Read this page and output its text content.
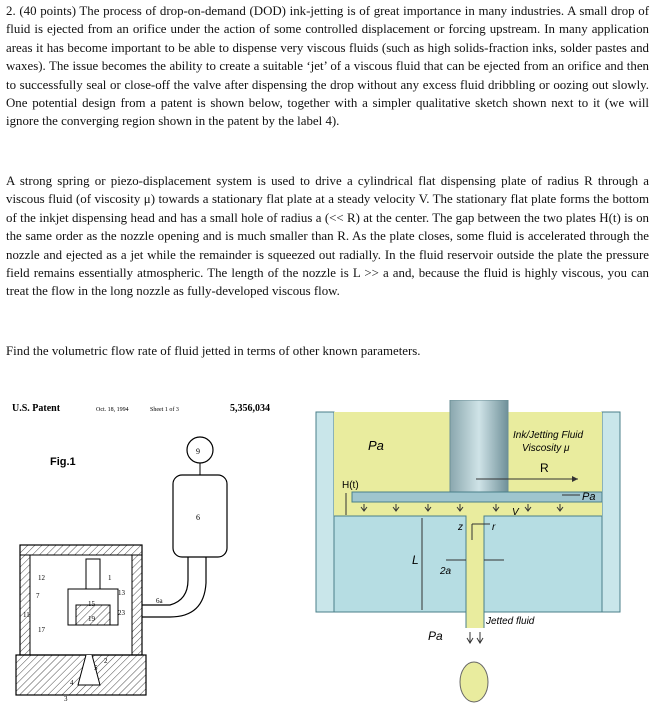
2. (40 points) The process of drop-on-demand (DOD) ink-jetting is of great importance in many industries. A small drop of fluid is ejected from an orifice under the action of some controlled displacement or forcing upstream. In many application areas it has become important to be able to dispense very viscous fluids (such as high solids-fraction inks, solder pastes and waxes). The issue becomes the ability to create a suitable ‘jet’ of a viscous fluid that can be ejected from an orifice and then to successfully seal or close-off the valve after dispensing the drop without any excess fluid dribbling or oozing out slowly. One potential design from a patent is shown below, together with a simpler qualitative sketch shown next to it (we will ignore the converging region shown in the patent by the label 4).

A strong spring or piezo-displacement system is used to drive a cylindrical flat dispensing plate of radius R through a viscous fluid (of viscosity μ) towards a stationary flat plate at a steady velocity V. The stationary flat plate forms the bottom of the inkjet dispensing head and has a small hole of radius a (<< R) at the center. The gap between the two plates H(t) is on the same order as the nozzle opening and is much smaller than R. As the plate closes, some fluid is accelerated through the nozzle and ejected as a jet while the remainder is squeezed out radially. In the fluid reservoir outside the plate the pressure field remains essentially atmospheric. The length of the nozzle is L >> a and, because the fluid is highly viscous, you can treat the flow in the long nozzle as fully-developed viscous flow.

Find the volumetric flow rate of fluid jetted in terms of other known parameters.

U.S. Patent	Oct. 18, 1994	Sheet 1 of 3	5,356,034
Fig.1
9
6
6a
12	1
7	13
15
11
17
19
23
5
4
2
3
Pa
Ink/Jetting Fluid
Viscosity μ
R
H(t)
Pa
V
r
z
L
2a
Jetted fluid
Pa
